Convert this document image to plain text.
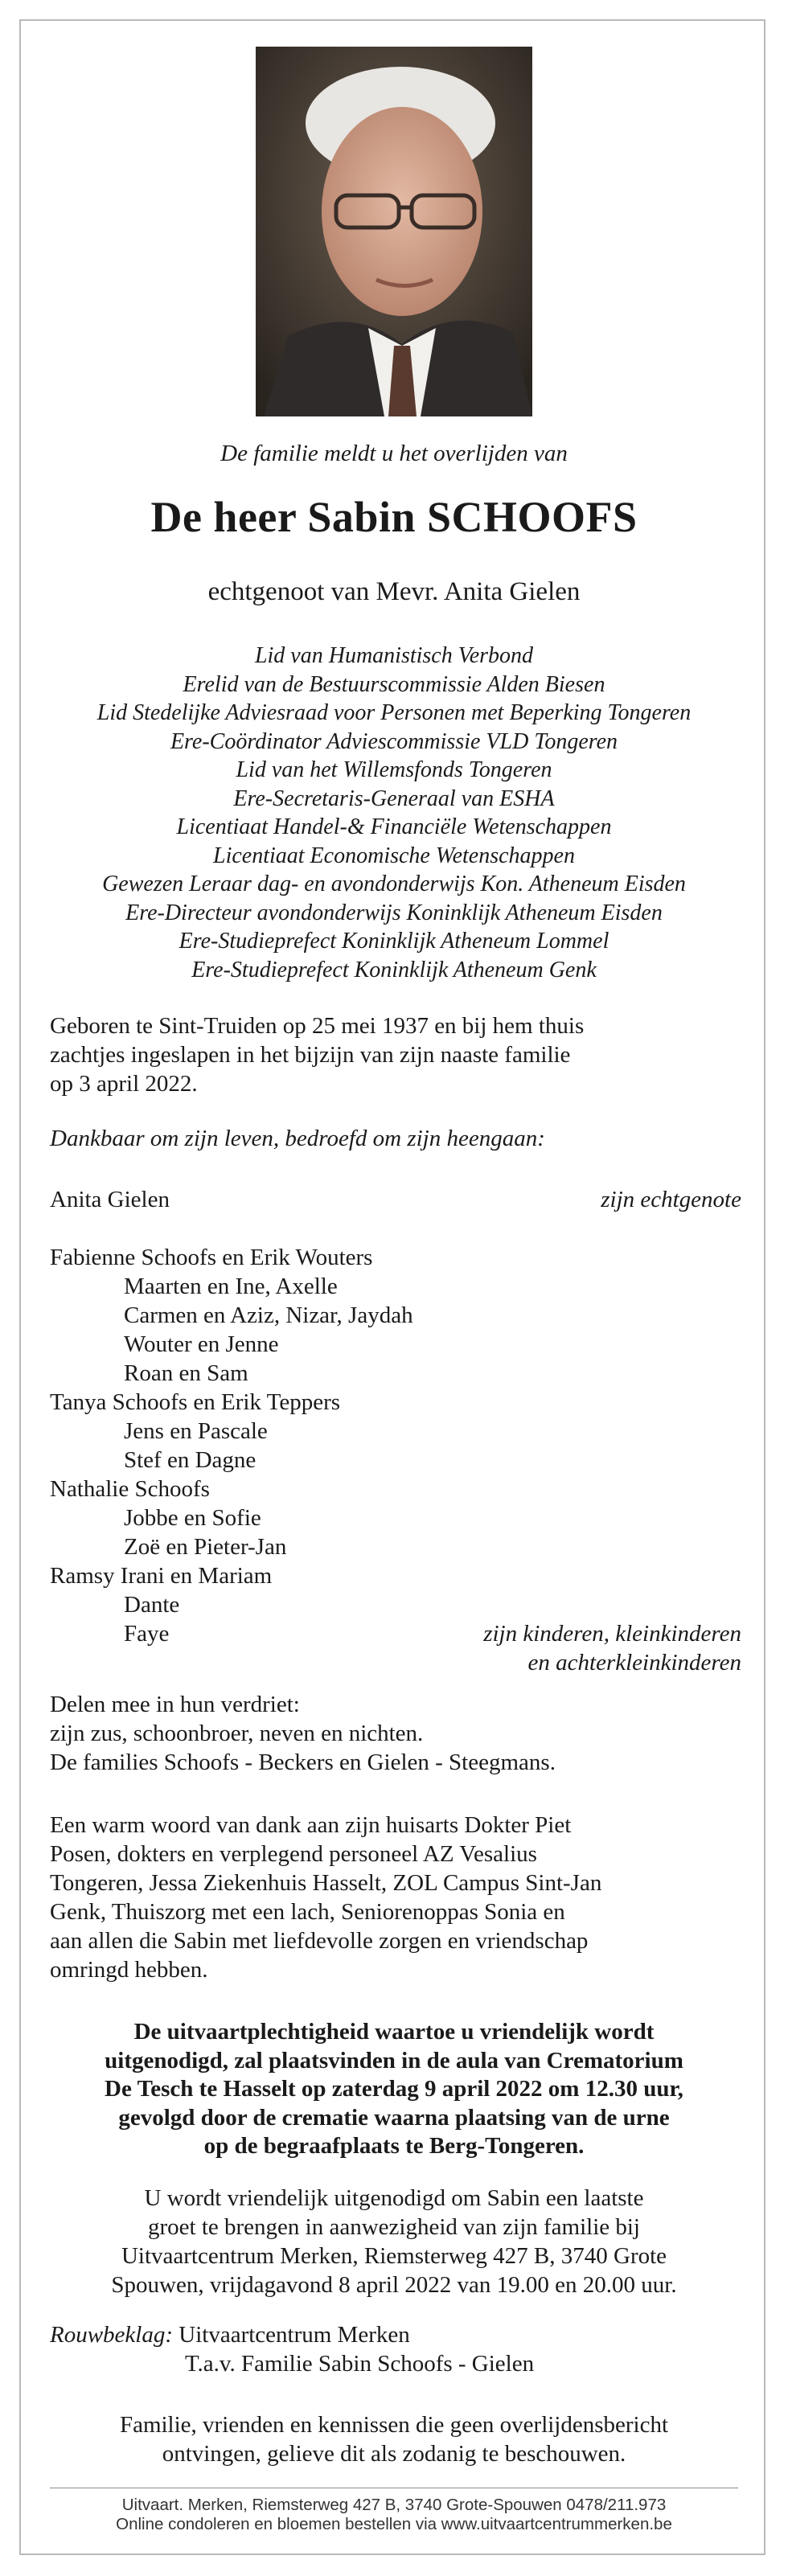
De familie meldt u het overlijden van
De heer Sabin SCHOOFS
echtgenoot van Mevr. Anita Gielen
Lid van Humanistisch Verbond
Erelid van de Bestuurscommissie Alden Biesen
Lid Stedelijke Adviesraad voor Personen met Beperking Tongeren
Ere-Coördinator Adviescommissie VLD Tongeren
Lid van het Willemsfonds Tongeren
Ere-Secretaris-Generaal van ESHA
Licentiaat Handel-& Financiële Wetenschappen
Licentiaat Economische Wetenschappen
Gewezen Leraar dag- en avondonderwijs Kon. Atheneum Eisden
Ere-Directeur avondonderwijs Koninklijk Atheneum Eisden
Ere-Studieprefect Koninklijk Atheneum Lommel
Ere-Studieprefect Koninklijk Atheneum Genk
Geboren te Sint-Truiden op 25 mei 1937 en bij hem thuis
zachtjes ingeslapen in het bijzijn van zijn naaste familie
op 3 april 2022.
Dankbaar om zijn leven, bedroefd om zijn heengaan:
Anita Gielen	zijn echtgenote
Fabienne Schoofs en Erik Wouters
Maarten en Ine, Axelle
Carmen en Aziz, Nizar, Jaydah
Wouter en Jenne
Roan en Sam
Tanya Schoofs en Erik Teppers
Jens en Pascale
Stef en Dagne
Nathalie Schoofs
Jobbe en Sofie
Zoë en Pieter-Jan
Ramsy Irani en Mariam
Dante
Faye	zijn kinderen, kleinkinderen
en achterkleinkinderen
Delen mee in hun verdriet:
zijn zus, schoonbroer, neven en nichten.
De families Schoofs - Beckers en Gielen - Steegmans.
Een warm woord van dank aan zijn huisarts Dokter Piet
Posen, dokters en verplegend personeel AZ Vesalius
Tongeren, Jessa Ziekenhuis Hasselt, ZOL Campus Sint-Jan
Genk, Thuiszorg met een lach, Seniorenoppas Sonia en
aan allen die Sabin met liefdevolle zorgen en vriendschap
omringd hebben.
De uitvaartplechtigheid waartoe u vriendelijk wordt
uitgenodigd, zal plaatsvinden in de aula van Crematorium
De Tesch te Hasselt op zaterdag 9 april 2022 om 12.30 uur,
gevolgd door de crematie waarna plaatsing van de urne
op de begraafplaats te Berg-Tongeren.
U wordt vriendelijk uitgenodigd om Sabin een laatste
groet te brengen in aanwezigheid van zijn familie bij
Uitvaartcentrum Merken, Riemsterweg 427 B, 3740 Grote
Spouwen, vrijdagavond 8 april 2022 van 19.00 en 20.00 uur.
Rouwbeklag: Uitvaartcentrum Merken
T.a.v. Familie Sabin Schoofs - Gielen
Familie, vrienden en kennissen die geen overlijdensbericht
ontvingen, gelieve dit als zodanig te beschouwen.
Uitvaart. Merken, Riemsterweg 427 B, 3740 Grote-Spouwen 0478/211.973
Online condoleren en bloemen bestellen via www.uitvaartcentrummerken.be
